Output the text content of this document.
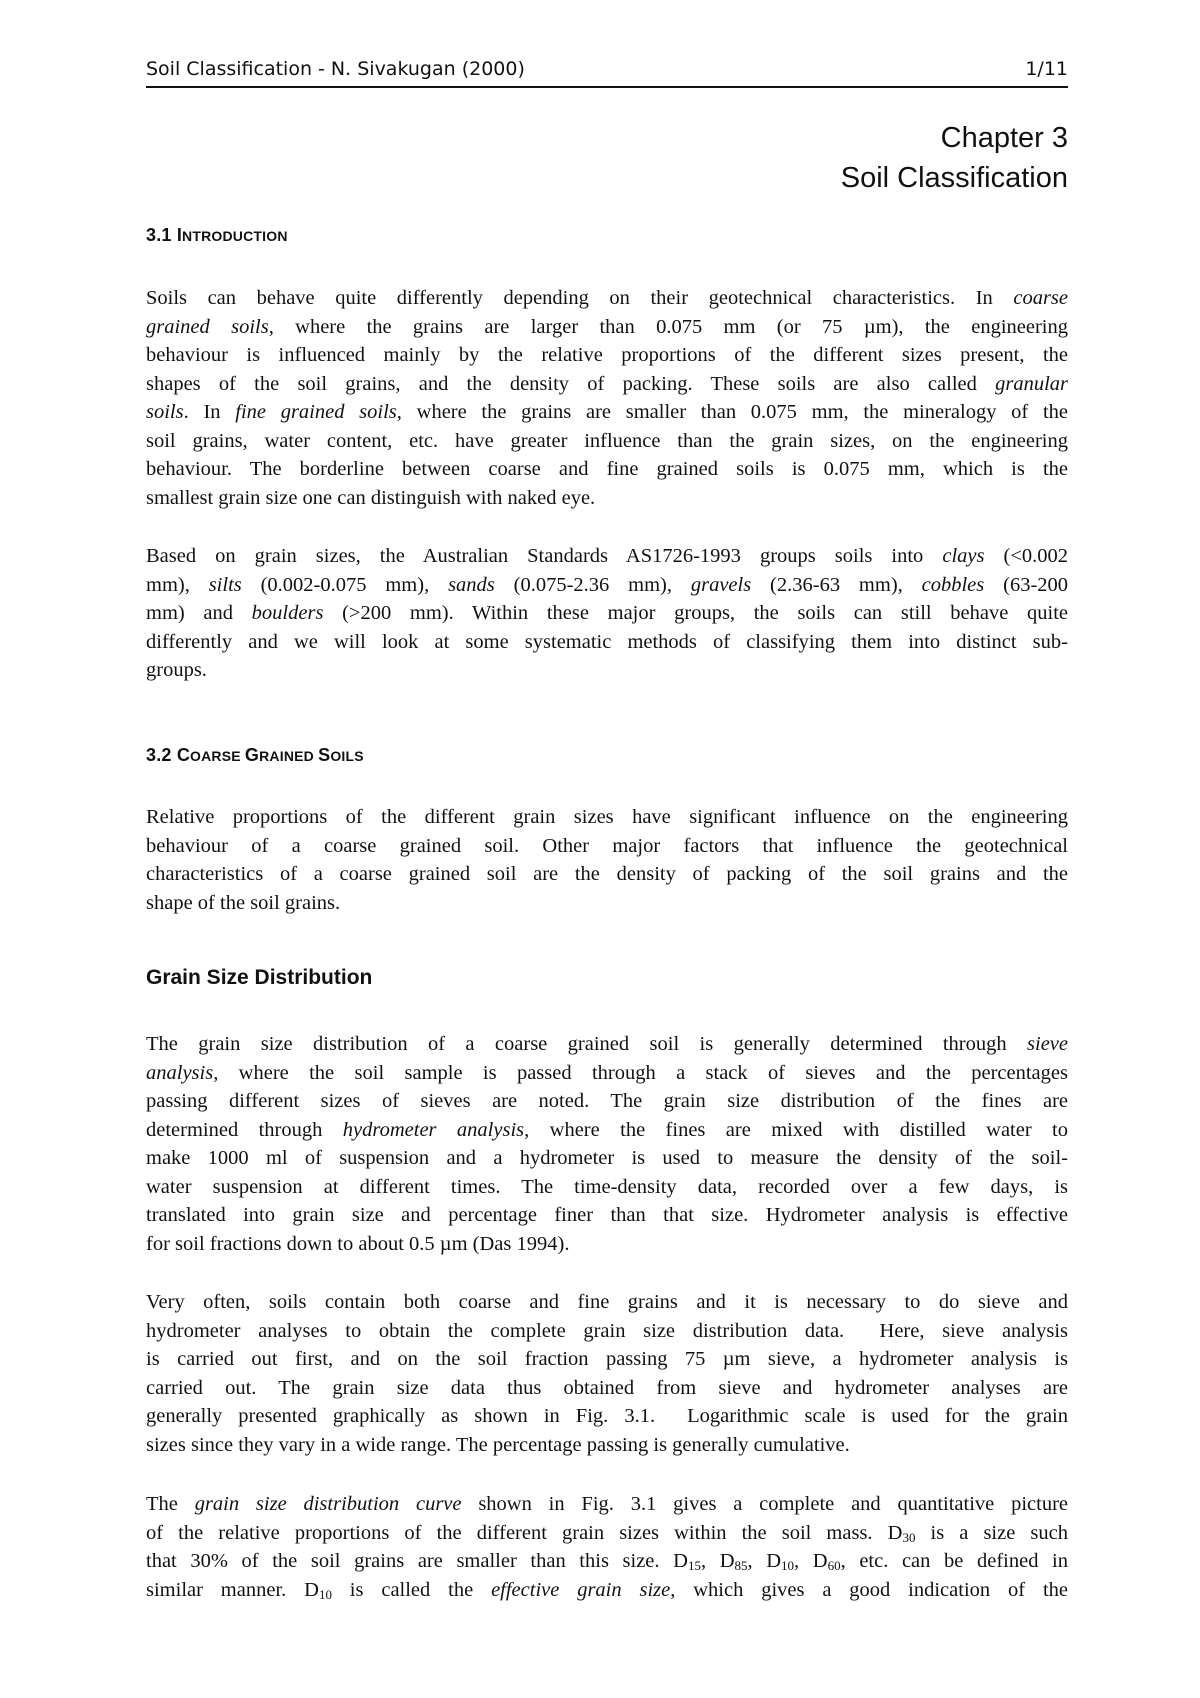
Soil Classification - N. Sivakugan (2000)	1/11
Chapter 3
Soil Classification
3.1 INTRODUCTION
Soils can behave quite differently depending on their geotechnical characteristics. In coarse
grained soils, where the grains are larger than 0.075 mm (or 75 µm), the engineering
behaviour is influenced mainly by the relative proportions of the different sizes present, the
shapes of the soil grains, and the density of packing. These soils are also called granular
soils. In fine grained soils, where the grains are smaller than 0.075 mm, the mineralogy of the
soil grains, water content, etc. have greater influence than the grain sizes, on the engineering
behaviour. The borderline between coarse and fine grained soils is 0.075 mm, which is the
smallest grain size one can distinguish with naked eye.
Based on grain sizes, the Australian Standards AS1726-1993 groups soils into clays (<0.002
mm), silts (0.002-0.075 mm), sands (0.075-2.36 mm), gravels (2.36-63 mm), cobbles (63-200
mm) and boulders (>200 mm). Within these major groups, the soils can still behave quite
differently and we will look at some systematic methods of classifying them into distinct sub-
groups.
3.2 COARSE GRAINED SOILS
Relative proportions of the different grain sizes have significant influence on the engineering
behaviour of a coarse grained soil. Other major factors that influence the geotechnical
characteristics of a coarse grained soil are the density of packing of the soil grains and the
shape of the soil grains.
Grain Size Distribution
The grain size distribution of a coarse grained soil is generally determined through sieve
analysis, where the soil sample is passed through a stack of sieves and the percentages
passing different sizes of sieves are noted. The grain size distribution of the fines are
determined through hydrometer analysis, where the fines are mixed with distilled water to
make 1000 ml of suspension and a hydrometer is used to measure the density of the soil-
water suspension at different times. The time-density data, recorded over a few days, is
translated into grain size and percentage finer than that size. Hydrometer analysis is effective
for soil fractions down to about 0.5 µm (Das 1994).
Very often, soils contain both coarse and fine grains and it is necessary to do sieve and
hydrometer analyses to obtain the complete grain size distribution data.  Here, sieve analysis
is carried out first, and on the soil fraction passing 75 µm sieve, a hydrometer analysis is
carried out. The grain size data thus obtained from sieve and hydrometer analyses are
generally presented graphically as shown in Fig. 3.1.  Logarithmic scale is used for the grain
sizes since they vary in a wide range. The percentage passing is generally cumulative.
The grain size distribution curve shown in Fig. 3.1 gives a complete and quantitative picture
of the relative proportions of the different grain sizes within the soil mass. $D_{30}$ is a size such
that 30% of the soil grains are smaller than this size. $D_{15}$, $D_{85}$, $D_{10}$, $D_{60}$, etc. can be defined in
similar manner. $D_{10}$ is called the effective grain size, which gives a good indication of the
